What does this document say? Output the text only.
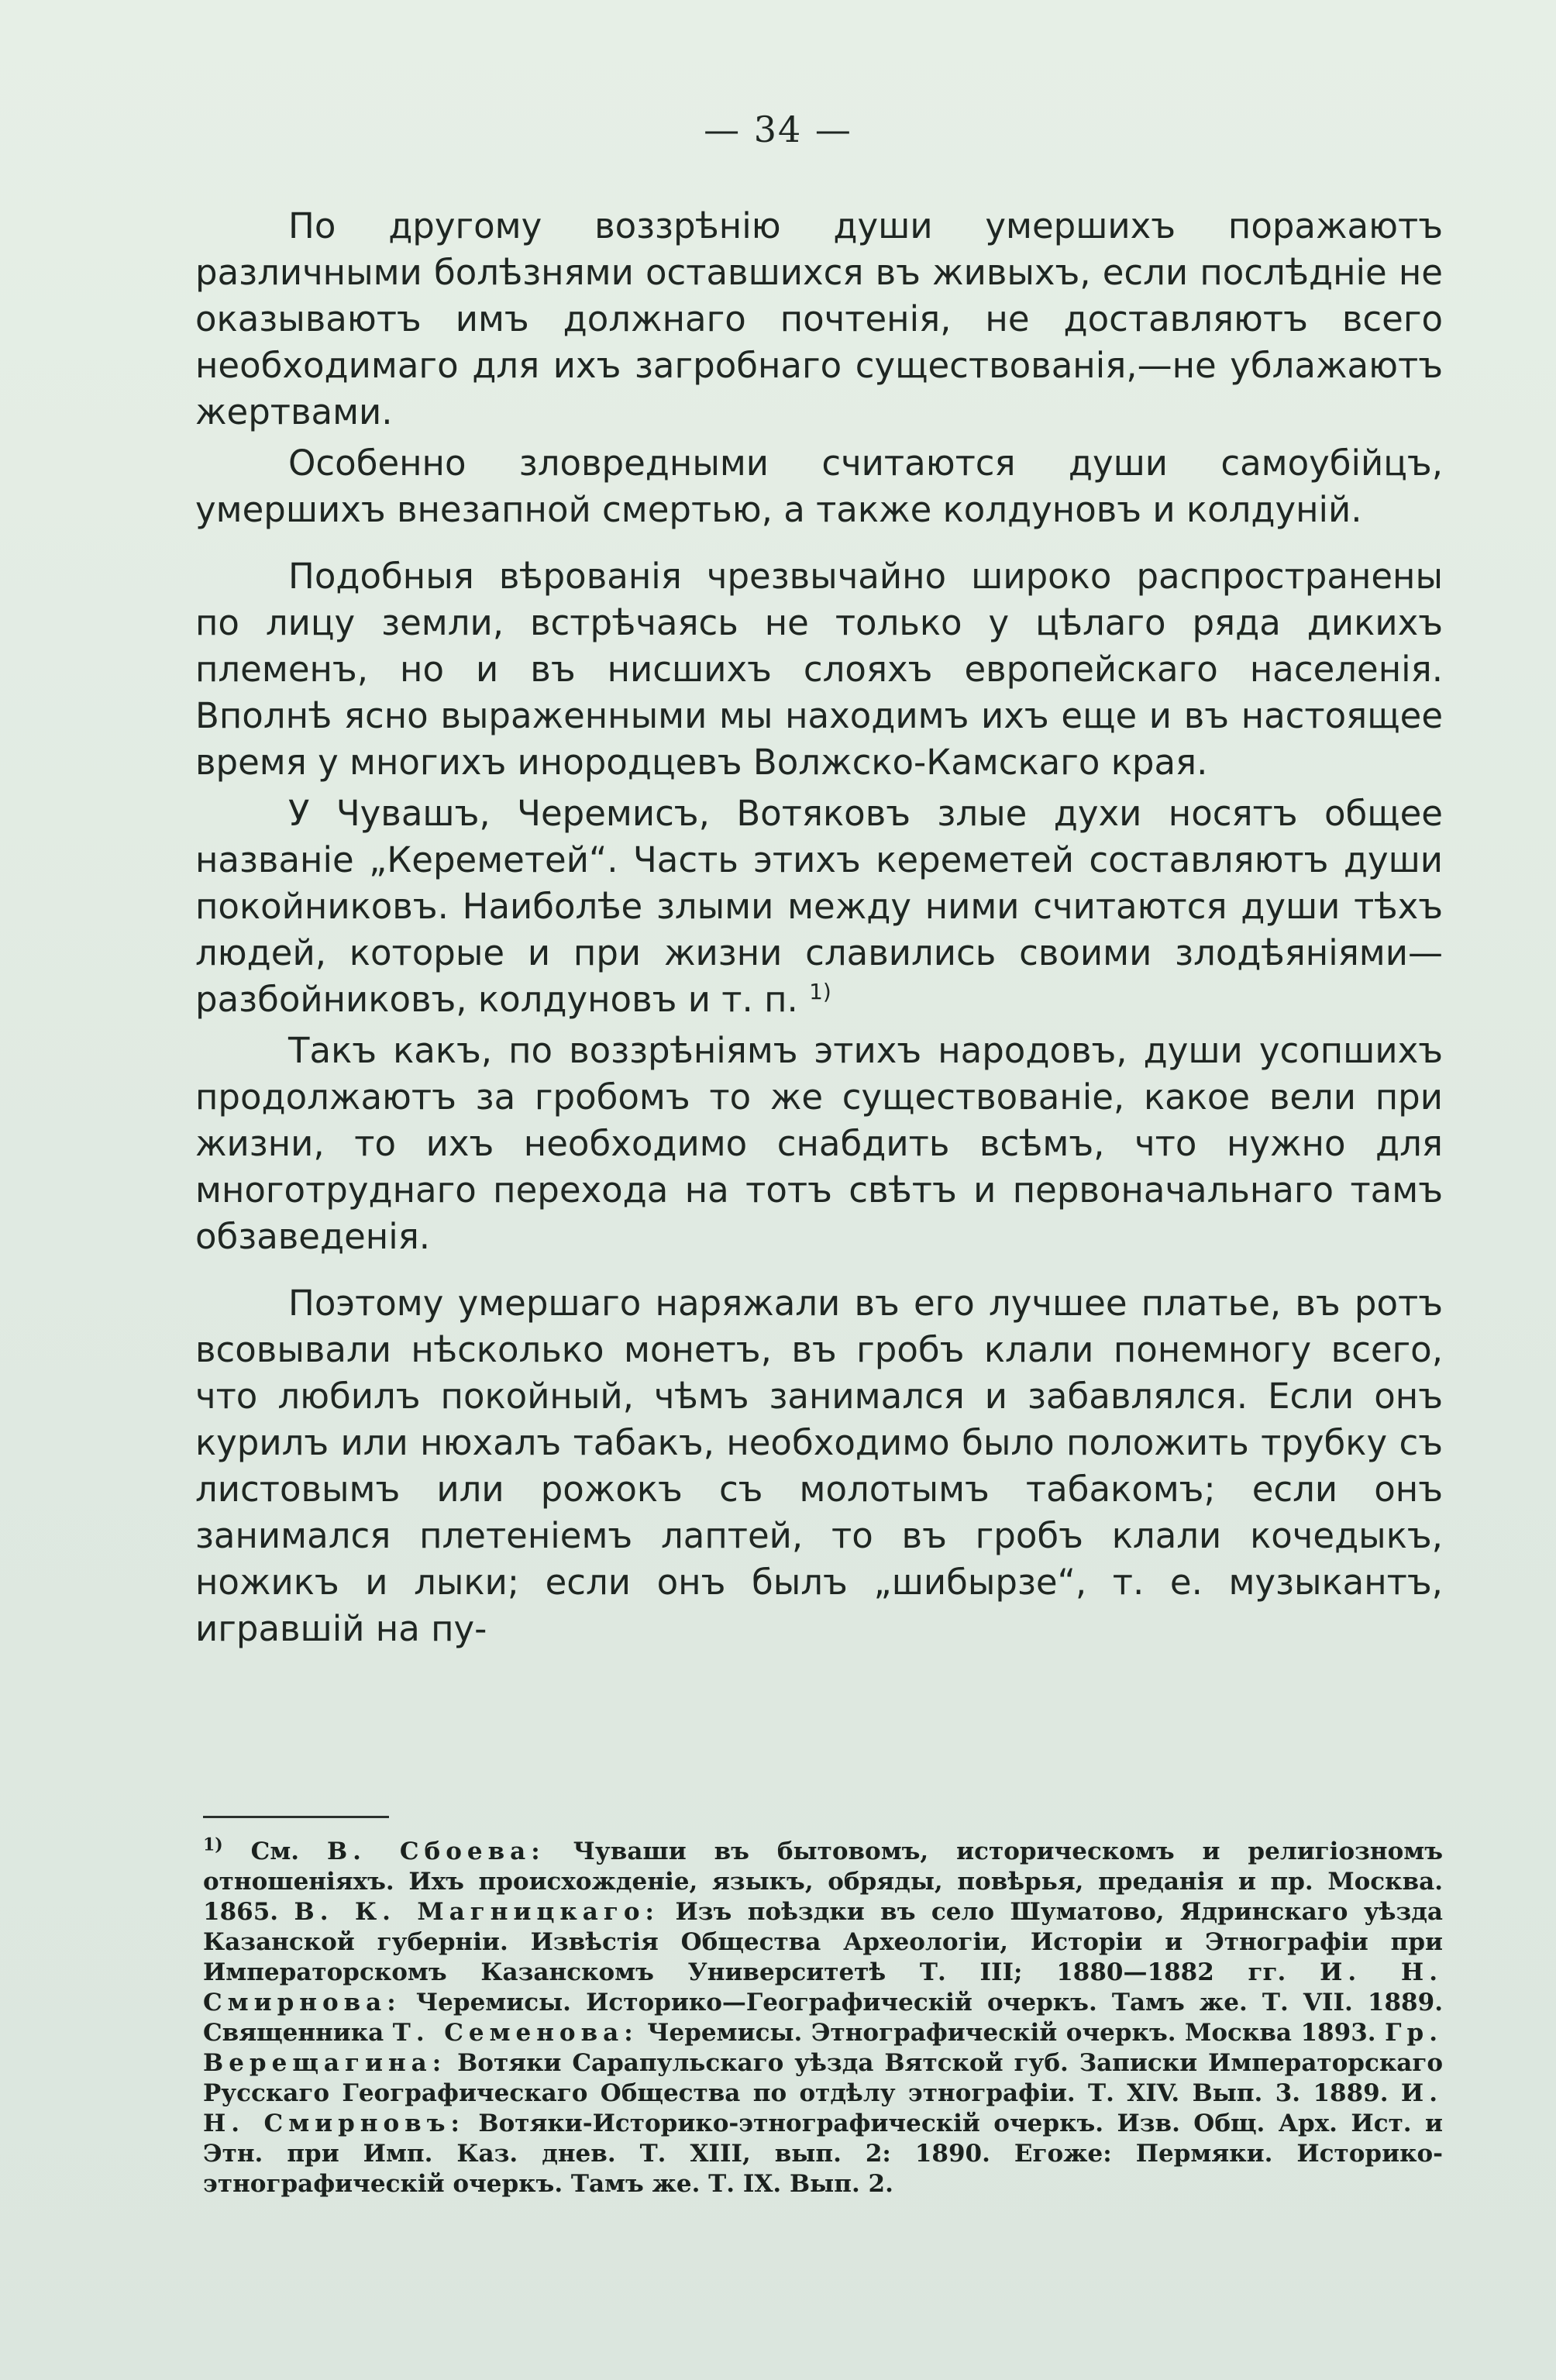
— 34 —

По другому воззрѣнію души умершихъ поражаютъ различными болѣзнями оставшихся въ живыхъ, если послѣдніе не оказываютъ имъ должнаго почтенія, не доставляютъ всего необходимаго для ихъ загробнаго существованія,—не ублажаютъ жертвами.

Особенно зловредными считаются души самоубійцъ, умершихъ внезапной смертью, а также колдуновъ и колдуній.

Подобныя вѣрованія чрезвычайно широко распространены по лицу земли, встрѣчаясь не только у цѣлаго ряда дикихъ племенъ, но и въ нисшихъ слояхъ европейскаго населенія. Вполнѣ ясно выраженными мы находимъ ихъ еще и въ настоящее время у многихъ инородцевъ Волжско-Камскаго края.

У Чувашъ, Черемисъ, Вотяковъ злые духи носятъ общее названіе „Кереметей“. Часть этихъ кереметей составляютъ души покойниковъ. Наиболѣе злыми между ними считаются души тѣхъ людей, которые и при жизни славились своими злодѣяніями—разбойниковъ, колдуновъ и т. п. $^{1)}$

Такъ какъ, по воззрѣніямъ этихъ народовъ, души усопшихъ продолжаютъ за гробомъ то же существованіе, какое вели при жизни, то ихъ необходимо снабдить всѣмъ, что нужно для многотруднаго перехода на тотъ свѣтъ и первоначальнаго тамъ обзаведенія.

Поэтому умершаго наряжали въ его лучшее платье, въ ротъ всовывали нѣсколько монетъ, въ гробъ клали понемногу всего, что любилъ покойный, чѣмъ занимался и забавлялся. Если онъ курилъ или нюхалъ табакъ, необходимо было положить трубку съ листовымъ или рожокъ съ молотымъ табакомъ; если онъ занимался плетеніемъ лаптей, то въ гробъ клали кочедыкъ, ножикъ и лыки; если онъ былъ „шибырзе“, т. е. музыкантъ, игравшій на пу-

$^{1)}$ См. В. Сбоева: Чуваши въ бытовомъ, историческомъ и религіозномъ отношеніяхъ. Ихъ происхожденіе, языкъ, обряды, повѣрья, преданія и пр. Москва. 1865. В. К. Магницкаго: Изъ поѣздки въ село Шуматово, Ядринскаго уѣзда Казанской губерніи. Извѣстія Общества Археологіи, Исторіи и Этнографіи при Императорскомъ Казанскомъ Университетѣ Т. III; 1880—1882 гг. И. Н. Смирнова: Черемисы. Историко—Географическій очеркъ. Тамъ же. Т. VII. 1889. Священника Т. Семенова: Черемисы. Этнографическій очеркъ. Москва 1893. Гр. Верещагина: Вотяки Сарапульскаго уѣзда Вятской губ. Записки Императорскаго Русскаго Географическаго Общества по отдѣлу этнографіи. Т. XIV. Вып. 3. 1889. И. Н. Смирновъ: Вотяки-Историко-этнографическій очеркъ. Изв. Общ. Арх. Ист. и Этн. при Имп. Каз. днев. Т. XIII, вып. 2: 1890. Егоже: Пермяки. Историко-этнографическій очеркъ. Тамъ же. Т. IX. Вып. 2.
